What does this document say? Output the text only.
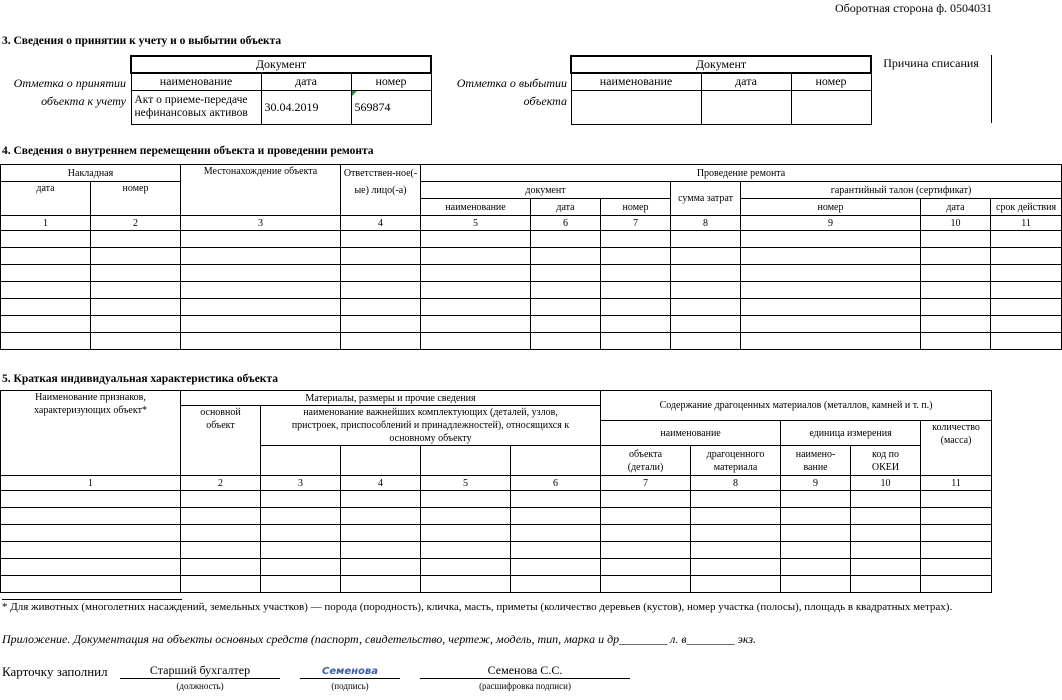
Оборотная сторона ф. 0504031
3. Сведения о принятии к учету и о выбытии объекта
Отметка о принятии объекта к учету
Документ		
наименование	дата	номер
Акт о приеме-передаче нефинансовых активов	30.04.2019	569874
Отметка о выбытии объекта
Документ		
наименование	дата	номер

Причина списания

4. Сведения о внутреннем перемещении объекта и проведении ремонта
Накладная		Местонахождение объекта	Ответствен-ное(-ые) лицо(-а)	Проведение ремонта						
дата	номер			документ			сумма затрат	гарантийный талон (сертификат)		
				наименование	дата	номер		номер	дата	срок действия
1	2	3	4	5	6	7	8	9	10	11

5. Краткая индивидуальная характеристика объекта
Наименование признаков, характеризующих объект*	Материалы, размеры и прочие сведения					Содержание драгоценных материалов (металлов, камней и т. п.)				
	основной объект	наименование важнейших комплектующих (деталей, узлов, пристроек, приспособлений и принадлежностей), относящихся к основному объекту								
						наименование		единица измерения		количество (масса)
						объекта (детали)	драгоценного материала	наимено-вание	код по ОКЕИ	
1	2	3	4	5	6	7	8	9	10	11

* Для животных (многолетних насаждений, земельных участков) — порода (породность), кличка, масть, приметы (количество деревьев (кустов), номер участка (полосы), площадь в квадратных метрах).
Приложение. Документация на объекты основных средств (паспорт, свидетельство, чертеж, модель, тип, марка и др________ л. в________ экз.
Карточку заполнил	Старший бухгалтер
(должность)
Семенова
(подпись)
Семенова С.С.
(расшифровка подписи)
